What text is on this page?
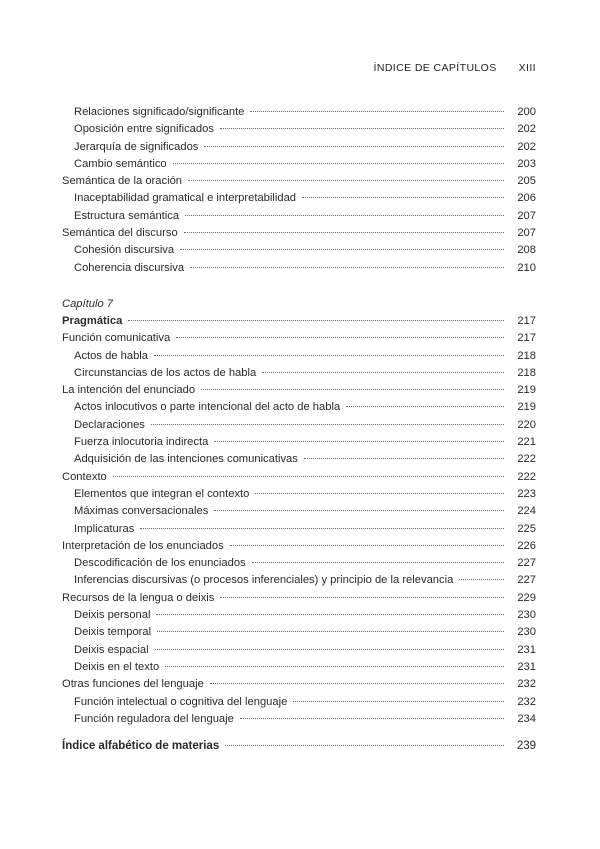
ÍNDICE DE CAPÍTULOS XIII
Relaciones significado/significante	200
Oposición entre significados	202
Jerarquía de significados	202
Cambio semántico	203
Semántica de la oración	205
Inaceptabilidad gramatical e interpretabilidad	206
Estructura semántica	207
Semántica del discurso	207
Cohesión discursiva	208
Coherencia discursiva	210
Capítulo 7
Pragmática	217
Función comunicativa	217
Actos de habla	218
Circunstancias de los actos de habla	218
La intención del enunciado	219
Actos inlocutivos o parte intencional del acto de habla	219
Declaraciones	220
Fuerza inlocutoria indirecta	221
Adquisición de las intenciones comunicativas	222
Contexto	222
Elementos que integran el contexto	223
Máximas conversacionales	224
Implicaturas	225
Interpretación de los enunciados	226
Descodificación de los enunciados	227
Inferencias discursivas (o procesos inferenciales) y principio de la relevancia	227
Recursos de la lengua o deixis	229
Deixis personal	230
Deixis temporal	230
Deixis espacial	231
Deixis en el texto	231
Otras funciones del lenguaje	232
Función intelectual o cognitiva del lenguaje	232
Función reguladora del lenguaje	234
Índice alfabético de materias	239
